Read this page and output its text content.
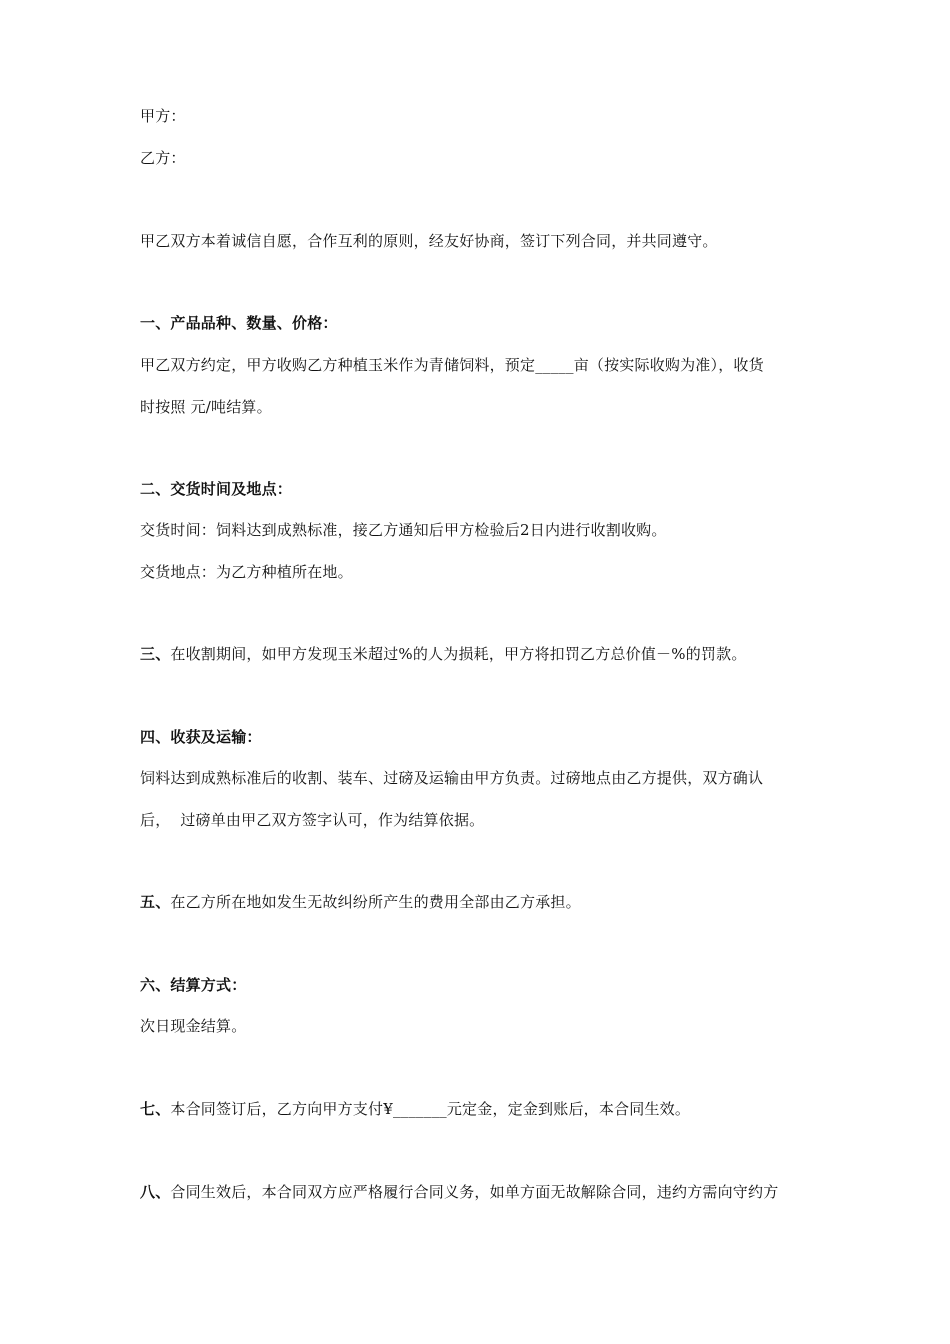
甲方：
乙方：
甲乙双方本着诚信自愿，合作互利的原则，经友好协商，签订下列合同，并共同遵守。
一、产品品种、数量、价格：
甲乙双方约定，甲方收购乙方种植玉米作为青储饲料，预定_____亩（按实际收购为准），收货
时按照 元/吨结算。
二、交货时间及地点：
交货时间：饲料达到成熟标准，接乙方通知后甲方检验后2日内进行收割收购。
交货地点：为乙方种植所在地。
三、在收割期间，如甲方发现玉米超过%的人为损耗，甲方将扣罚乙方总价值－%的罚款。
四、收获及运输：
饲料达到成熟标准后的收割、装车、过磅及运输由甲方负责。过磅地点由乙方提供，双方确认
后，  过磅单由甲乙双方签字认可，作为结算依据。
五、在乙方所在地如发生无故纠纷所产生的费用全部由乙方承担。
六、结算方式：
次日现金结算。
七、本合同签订后，乙方向甲方支付¥_______元定金，定金到账后，本合同生效。
八、合同生效后，本合同双方应严格履行合同义务，如单方面无故解除合同，违约方需向守约方
